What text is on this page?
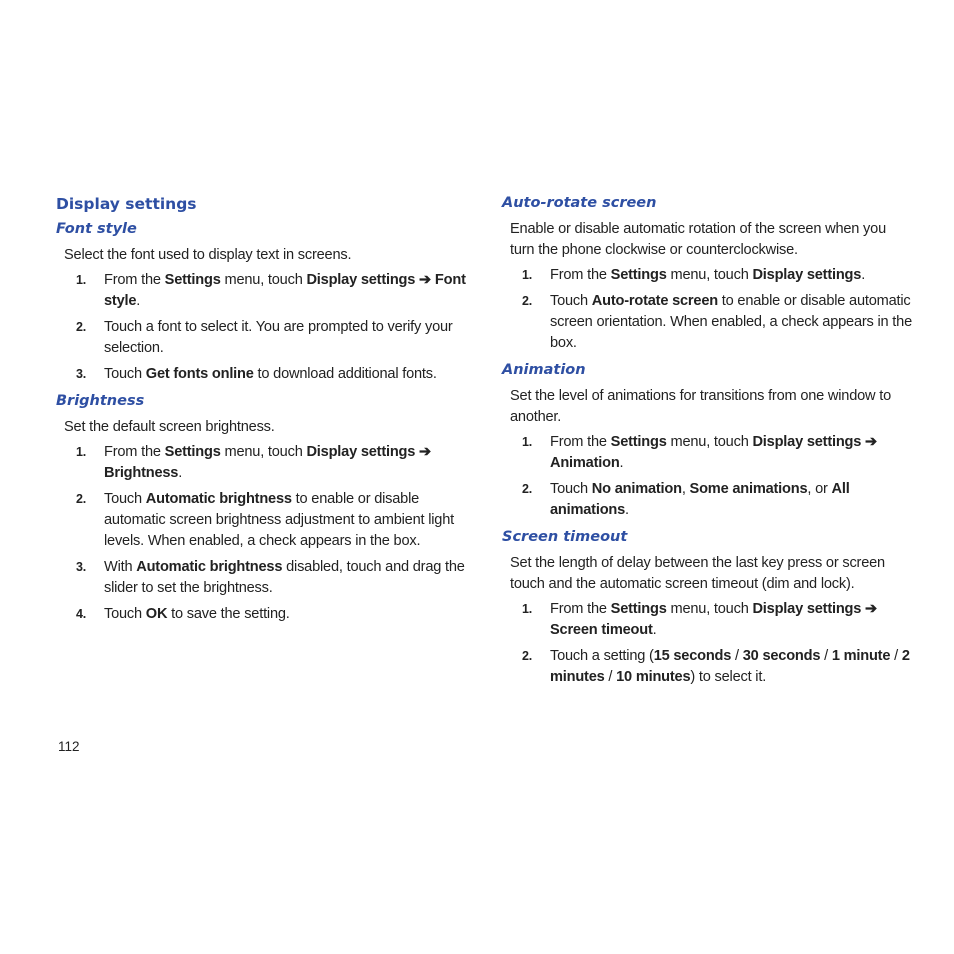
Display settings
Font style

Select the font used to display text in screens.

1. From the Settings menu, touch Display settings ➔ Font style.
2. Touch a font to select it. You are prompted to verify your selection.
3. Touch Get fonts online to download additional fonts.
Brightness

Set the default screen brightness.

1. From the Settings menu, touch Display settings ➔ Brightness.
2. Touch Automatic brightness to enable or disable automatic screen brightness adjustment to ambient light levels. When enabled, a check appears in the box.
3. With Automatic brightness disabled, touch and drag the slider to set the brightness.
4. Touch OK to save the setting.
Auto-rotate screen

Enable or disable automatic rotation of the screen when you turn the phone clockwise or counterclockwise.

1. From the Settings menu, touch Display settings.
2. Touch Auto-rotate screen to enable or disable automatic screen orientation. When enabled, a check appears in the box.
Animation

Set the level of animations for transitions from one window to another.

1. From the Settings menu, touch Display settings ➔ Animation.
2. Touch No animation, Some animations, or All animations.
Screen timeout

Set the length of delay between the last key press or screen touch and the automatic screen timeout (dim and lock).

1. From the Settings menu, touch Display settings ➔ Screen timeout.
2. Touch a setting (15 seconds / 30 seconds / 1 minute / 2 minutes / 10 minutes) to select it.
112
